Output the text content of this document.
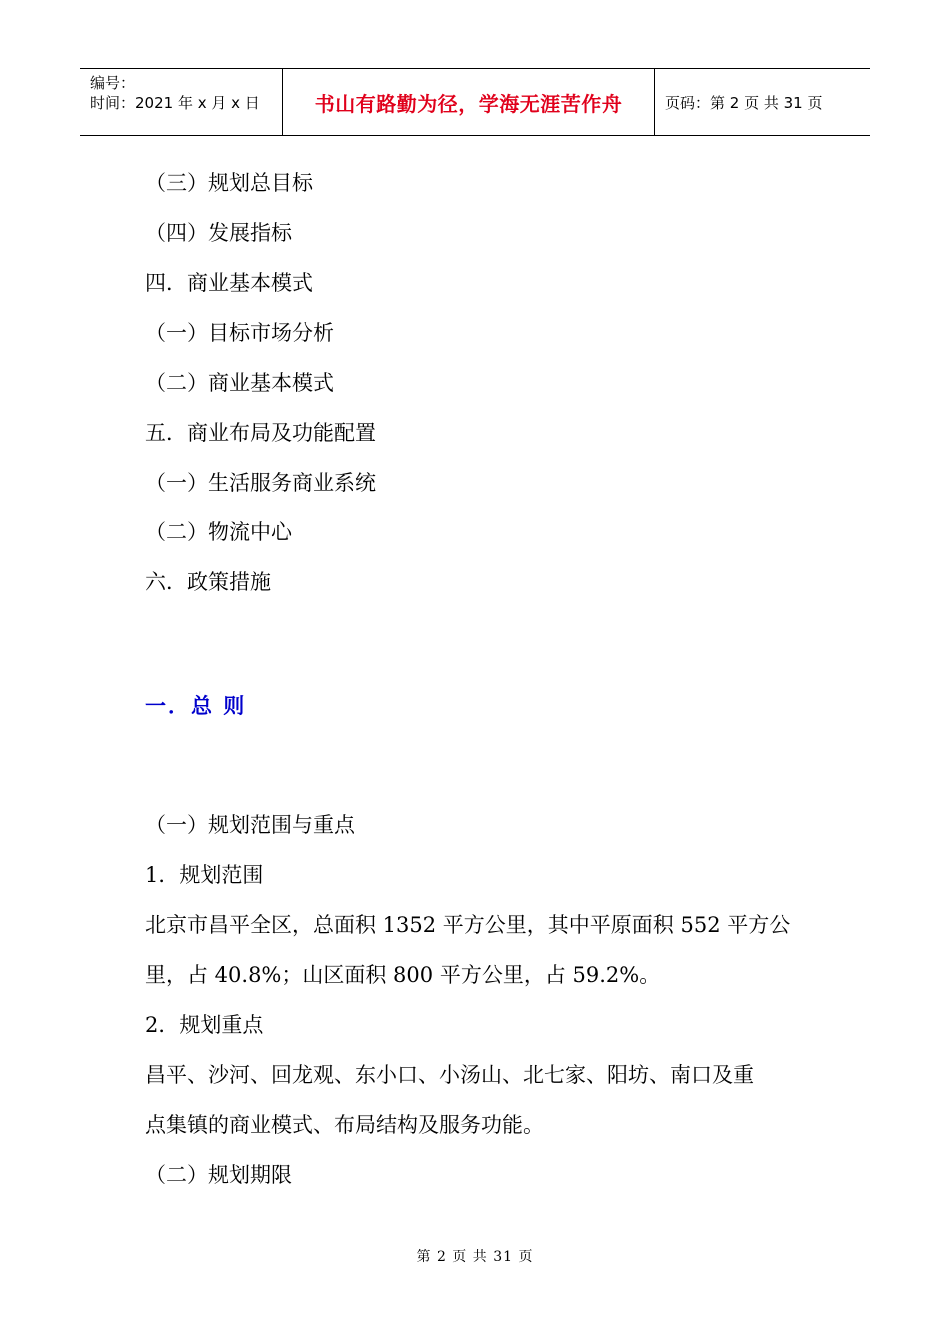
编号：
时间：2021 年 x 月 x 日	书山有路勤为径，学海无涯苦作舟	页码：第 2 页 共 31 页
（三）规划总目标
（四）发展指标
四．商业基本模式
（一）目标市场分析
（二）商业基本模式
五．商业布局及功能配置
（一）生活服务商业系统
（二）物流中心
六．政策措施
一．总 则
（一）规划范围与重点
1．规划范围
北京市昌平全区，总面积 1352 平方公里，其中平原面积 552 平方公
里，占 40.8%；山区面积 800 平方公里，占 59.2%。
2．规划重点
昌平、沙河、回龙观、东小口、小汤山、北七家、阳坊、南口及重
点集镇的商业模式、布局结构及服务功能。
（二）规划期限
第 2 页 共 31 页
